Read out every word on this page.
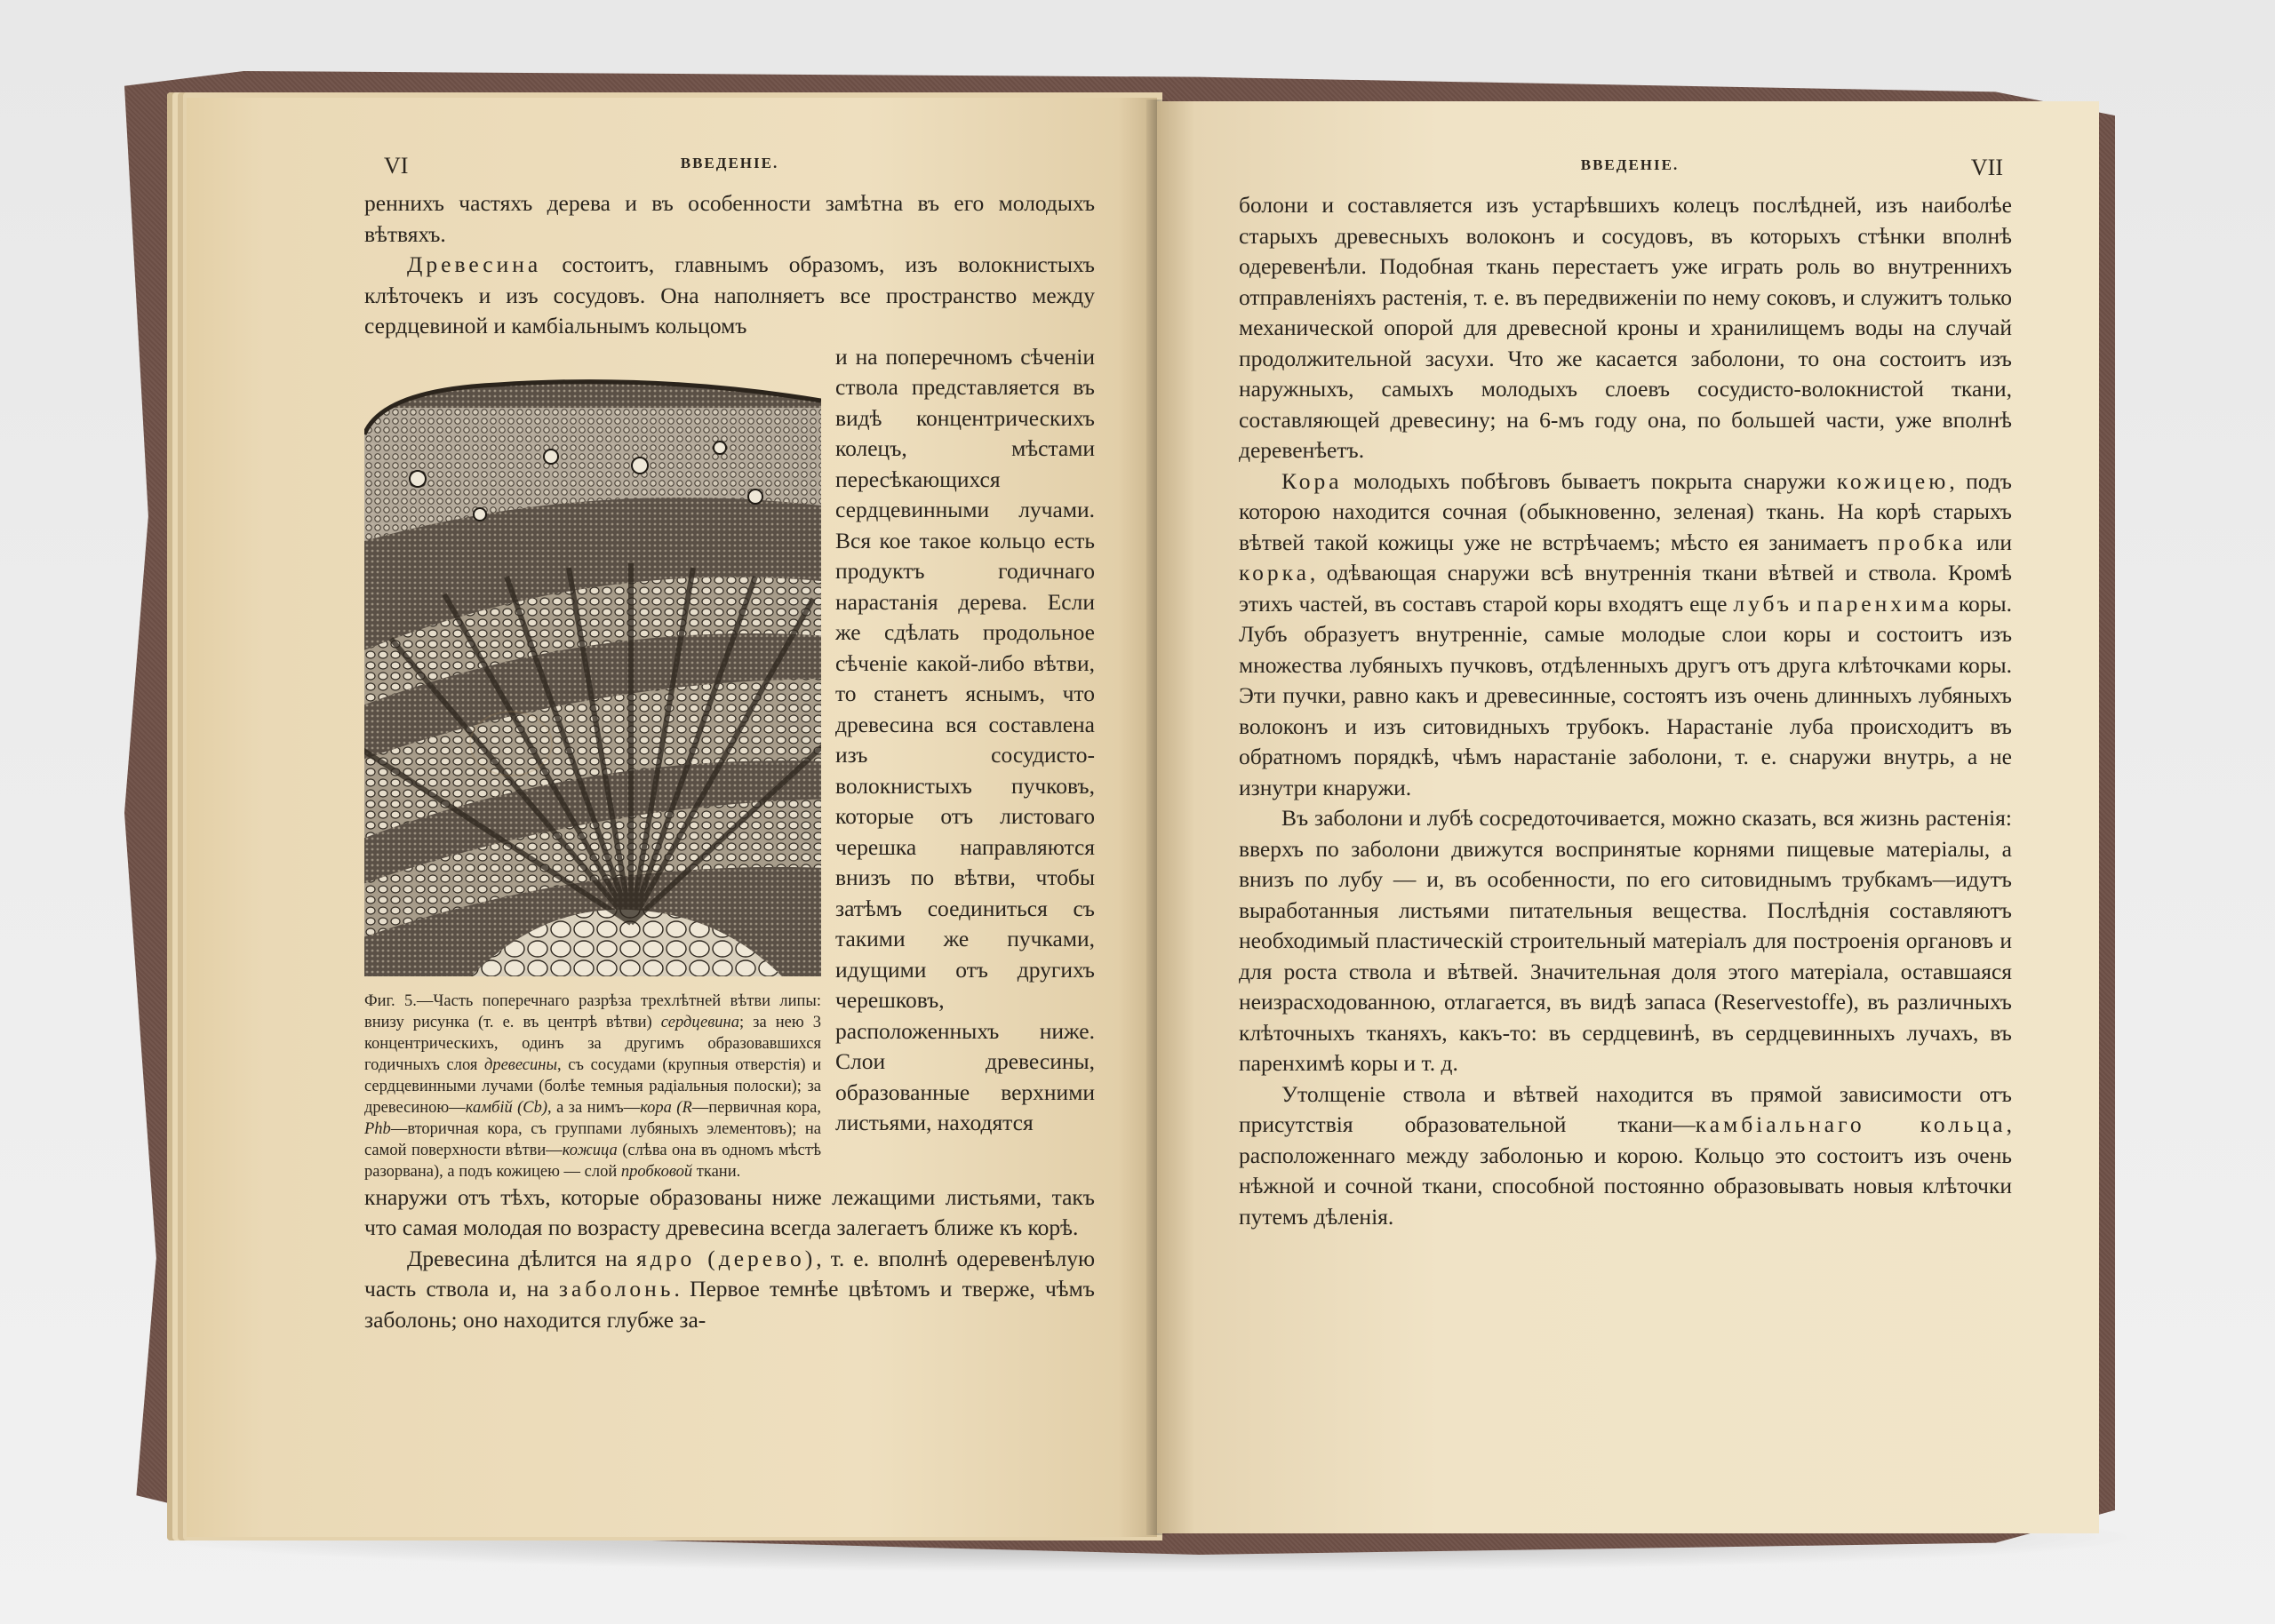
VI	ВВЕДЕНІЕ.

реннихъ частяхъ дерева и въ особенности замѣтна въ его молодыхъ вѣтвяхъ.

Древесина состоитъ, главнымъ образомъ, изъ волокнистыхъ клѣточекъ и изъ сосудовъ. Она наполняетъ все пространство между сердцевиной и камбіальнымъ кольцомъ

Фиг. 5.—Часть поперечнаго разрѣза трехлѣтней вѣтви липы: внизу рисунка (т. е. въ центрѣ вѣтви) сердцевина; за нею 3 концентрическихъ, одинъ за другимъ образовавшихся годичныхъ слоя древесины, съ сосудами (крупныя отверстія) и сердцевинными лучами (болѣе темныя радіальныя полоски); за древесиною—камбій (Cb), а за нимъ—кора (R—первичная кора, Phb—вторичная кора, съ группами лубяныхъ элементовъ); на самой поверхности вѣтви—кожица (слѣва она въ одномъ мѣстѣ разорвана), а подъ кожицею — слой пробковой ткани.

и на поперечномъ сѣченіи ствола представляется въ видѣ концентрическихъ колецъ, мѣстами пересѣкающихся сердцевинными лучами. Вся кое такое кольцо есть продуктъ годичнаго нарастанія дерева. Если же сдѣлать продольное сѣченіе какой-либо вѣтви, то станетъ яснымъ, что древесина вся составлена изъ сосудисто-волокнистыхъ пучковъ, которые отъ листоваго черешка направляются внизъ по вѣтви, чтобы затѣмъ соединиться съ такими же пучками, идущими отъ другихъ черешковъ, расположенныхъ ниже. Слои древесины, образованные верхними листьями, находятся

кнаружи отъ тѣхъ, которые образованы ниже лежащими листьями, такъ что самая молодая по возрасту древесина всегда залегаетъ ближе къ корѣ.

Древесина дѣлится на ядро (дерево), т. е. вполнѣ одеревенѣлую часть ствола и, на заболонь. Первое темнѣе цвѣтомъ и тверже, чѣмъ заболонь; оно находится глубже за-

ВВЕДЕНІЕ.	VII

болони и составляется изъ устарѣвшихъ колецъ послѣдней, изъ наиболѣе старыхъ древесныхъ волоконъ и сосудовъ, въ которыхъ стѣнки вполнѣ одеревенѣли. Подобная ткань перестаетъ уже играть роль во внутреннихъ отправленіяхъ растенія, т. е. въ передвиженіи по нему соковъ, и служитъ только механической опорой для древесной кроны и хранилищемъ воды на случай продолжительной засухи. Что же касается заболони, то она состоитъ изъ наружныхъ, самыхъ молодыхъ слоевъ сосудисто-волокнистой ткани, составляющей древесину; на 6-мъ году она, по большей части, уже вполнѣ деревенѣетъ.

Кора молодыхъ побѣговъ бываетъ покрыта снаружи кожицею, подъ которою находится сочная (обыкновенно, зеленая) ткань. На корѣ старыхъ вѣтвей такой кожицы уже не встрѣчаемъ; мѣсто ея занимаетъ пробка или корка, одѣвающая снаружи всѣ внутреннія ткани вѣтвей и ствола. Кромѣ этихъ частей, въ составъ старой коры входятъ еще лубъ и паренхима коры. Лубъ образуетъ внутренніе, самые молодые слои коры и состоитъ изъ множества лубяныхъ пучковъ, отдѣленныхъ другъ отъ друга клѣточками коры. Эти пучки, равно какъ и древесинные, состоятъ изъ очень длинныхъ лубяныхъ волоконъ и изъ ситовидныхъ трубокъ. Нарастаніе луба происходитъ въ обратномъ порядкѣ, чѣмъ нарастаніе заболони, т. е. снаружи внутрь, а не изнутри кнаружи.

Въ заболони и лубѣ сосредоточивается, можно сказать, вся жизнь растенія: вверхъ по заболони движутся воспринятые корнями пищевые матеріалы, а внизъ по лубу — и, въ особенности, по его ситовиднымъ трубкамъ—идутъ выработанныя листьями питательныя вещества. Послѣднія составляютъ необходимый пластическій строительный матеріалъ для построенія органовъ и для роста ствола и вѣтвей. Значительная доля этого матеріала, оставшаяся неизрасходованною, отлагается, въ видѣ запаса (Reservestoffe), въ различныхъ клѣточныхъ тканяхъ, какъ-то: въ сердцевинѣ, въ сердцевинныхъ лучахъ, въ паренхимѣ коры и т. д.

Утолщеніе ствола и вѣтвей находится въ прямой зависимости отъ присутствія образовательной ткани—камбіальнаго кольца, расположеннаго между заболонью и корою. Кольцо это состоитъ изъ очень нѣжной и сочной ткани, способной постоянно образовывать новыя клѣточки путемъ дѣленія.
